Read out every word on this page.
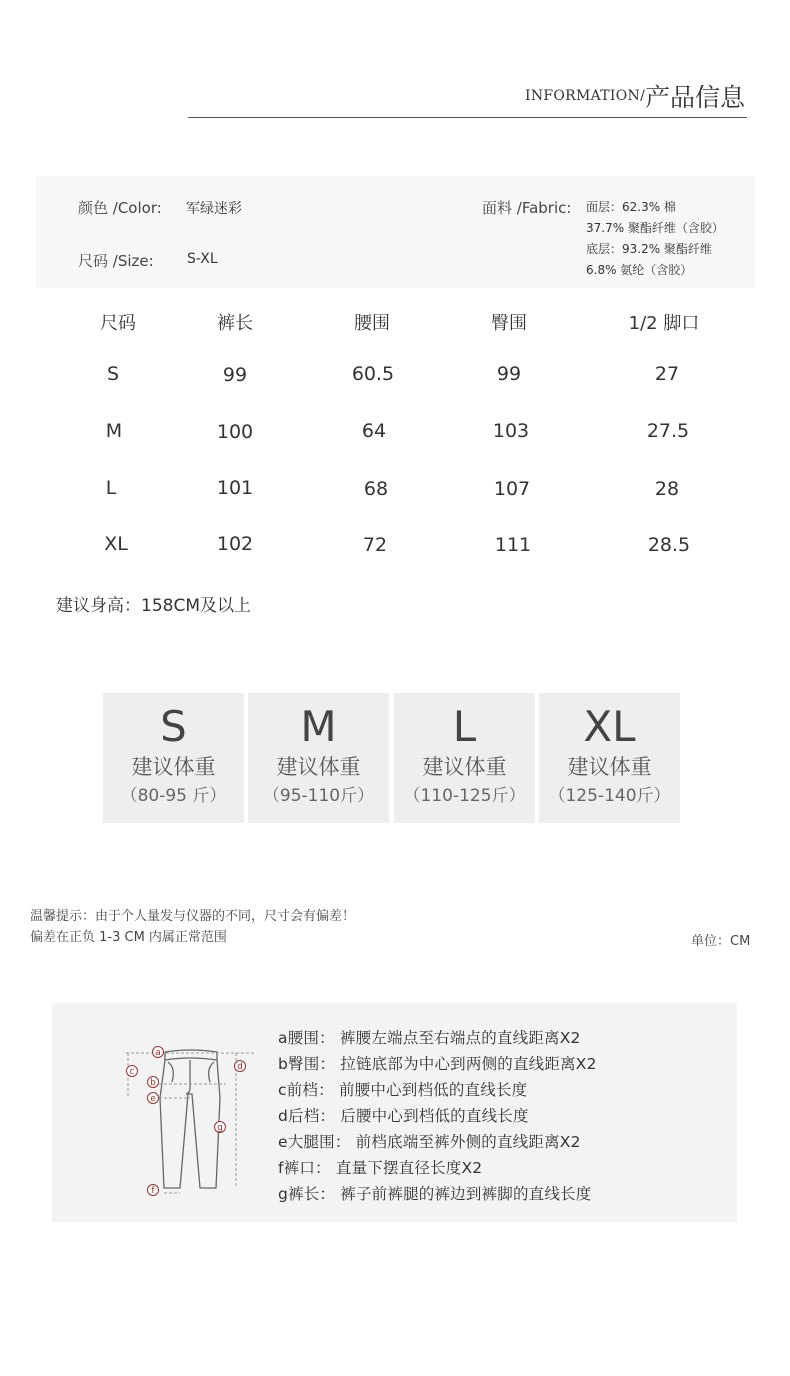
INFORMATION/ 产品信息
颜色 /Color: 军绿迷彩
尺码 /Size: S-XL
面料 /Fabric: 面层：62.3% 棉
37.7% 聚酯纤维（含胶）
底层：93.2% 聚酯纤维
6.8% 氨纶（含胶）
尺码	裤长	腰围	臀围	1/2 脚口
S	99	60.5	99	27
M	100	64	103	27.5
L	101	68	107	28
XL	102	72	111	28.5
建议身高：158CM及以上
S
建议体重
（80-95 斤）
M
建议体重
（95-110斤）
L
建议体重
（110-125斤）
XL
建议体重
（125-140斤）
温馨提示：由于个人量发与仪器的不同，尺寸会有偏差！
偏差在正负 1-3 CM 内属正常范围	单位：CM
a
b
c	d
e
f
g
a腰围： 裤腰左端点至右端点的直线距离X2
b臀围： 拉链底部为中心到两侧的直线距离X2
c前档： 前腰中心到档低的直线长度
d后档： 后腰中心到档低的直线长度
e大腿围： 前档底端至裤外侧的直线距离X2
f裤口： 直量下摆直径长度X2
g裤长： 裤子前裤腿的裤边到裤脚的直线长度
